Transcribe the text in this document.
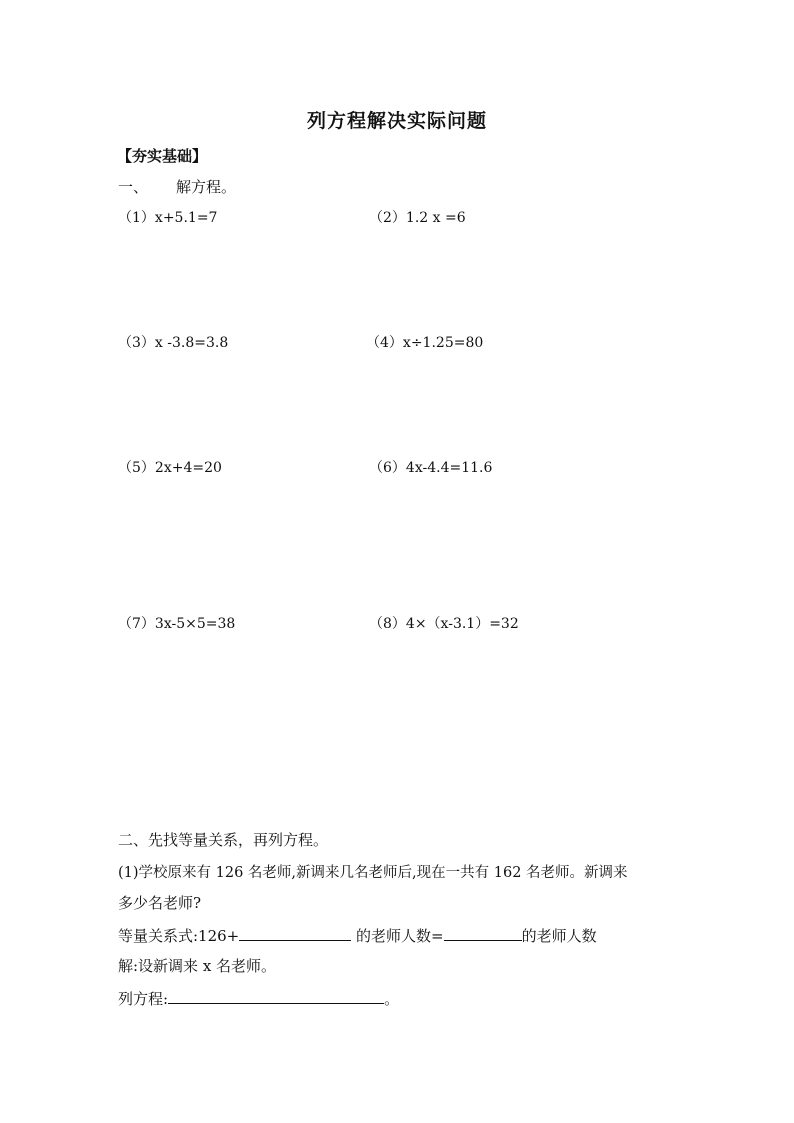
列方程解决实际问题
【夯实基础】
一、 解方程。
（1）x+5.1=7	（2）1.2 x =6
（3）x -3.8=3.8	（4）x÷1.25=80
（5）2x+4=20	（6）4x-4.4=11.6
（7）3x-5×5=38	（8）4×（x-3.1）=32
二、先找等量关系，再列方程。
(1)学校原来有 126 名老师,新调来几名老师后,现在一共有 162 名老师。新调来
多少名老师?
等量关系式:126+	的老师人数=	的老师人数
解:设新调来 x 名老师。
列方程:	。
